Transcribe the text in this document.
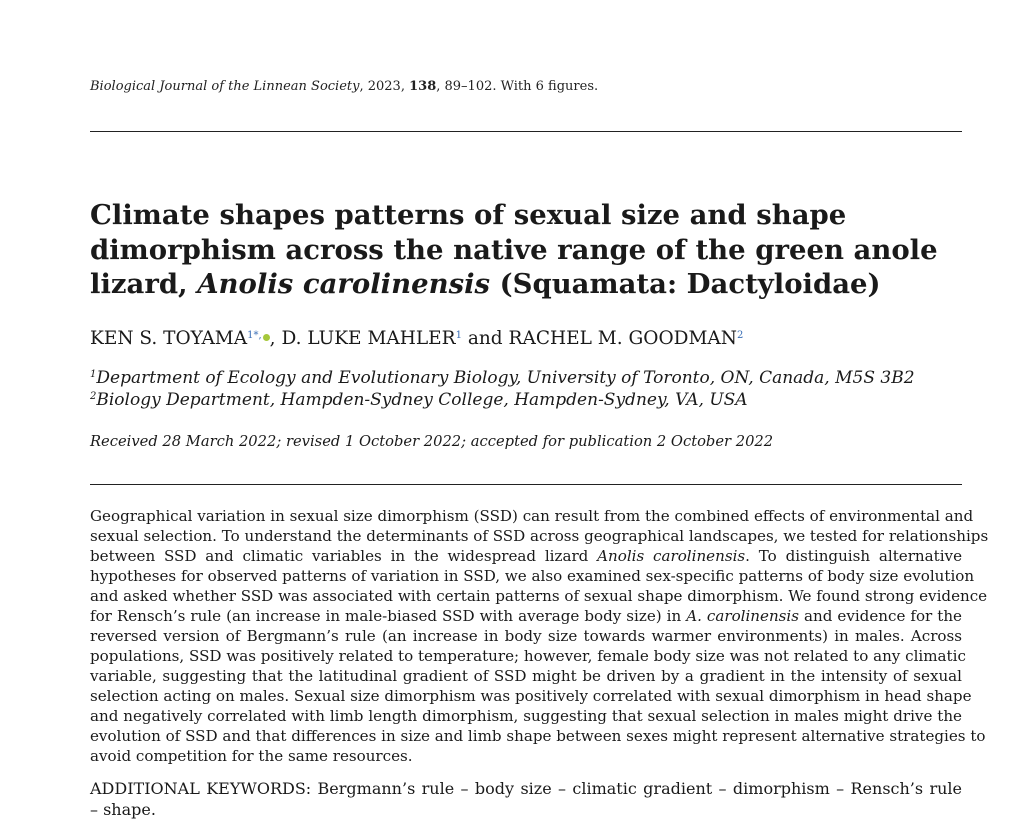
Biological Journal of the Linnean Society, 2023, 138, 89–102. With 6 figures.
Climate shapes patterns of sexual size and shape dimorphism across the native range of the green anole lizard, Anolis carolinensis (Squamata: Dactyloidae)
KEN S. $TOYAMA^{1*,}$ , D. LUKE MAHLER$^1$ and RACHEL M. GOODMAN$^2$
$^1$Department of Ecology and Evolutionary Biology, University of Toronto, ON, Canada, M5S 3B2
$^2$Biology Department, Hampden-Sydney College, Hampden-Sydney, VA, USA
Received 28 March 2022; revised 1 October 2022; accepted for publication 2 October 2022
Geographical variation in sexual size dimorphism (SSD) can result from the combined effects of environmental and
sexual selection. To understand the determinants of SSD across geographical landscapes, we tested for relationships
between SSD and climatic variables in the widespread lizard Anolis carolinensis. To distinguish alternative
hypotheses for observed patterns of variation in SSD, we also examined sex-specific patterns of body size evolution
and asked whether SSD was associated with certain patterns of sexual shape dimorphism. We found strong evidence
for Rensch’s rule (an increase in male-biased SSD with average body size) in A. carolinensis and evidence for the
reversed version of Bergmann’s rule (an increase in body size towards warmer environments) in males. Across
populations, SSD was positively related to temperature; however, female body size was not related to any climatic
variable, suggesting that the latitudinal gradient of SSD might be driven by a gradient in the intensity of sexual
selection acting on males. Sexual size dimorphism was positively correlated with sexual dimorphism in head shape
and negatively correlated with limb length dimorphism, suggesting that sexual selection in males might drive the
evolution of SSD and that differences in size and limb shape between sexes might represent alternative strategies to
avoid competition for the same resources.
ADDITIONAL KEYWORDS: Bergmann’s rule – body size – climatic gradient – dimorphism – Rensch’s rule
– shape.
